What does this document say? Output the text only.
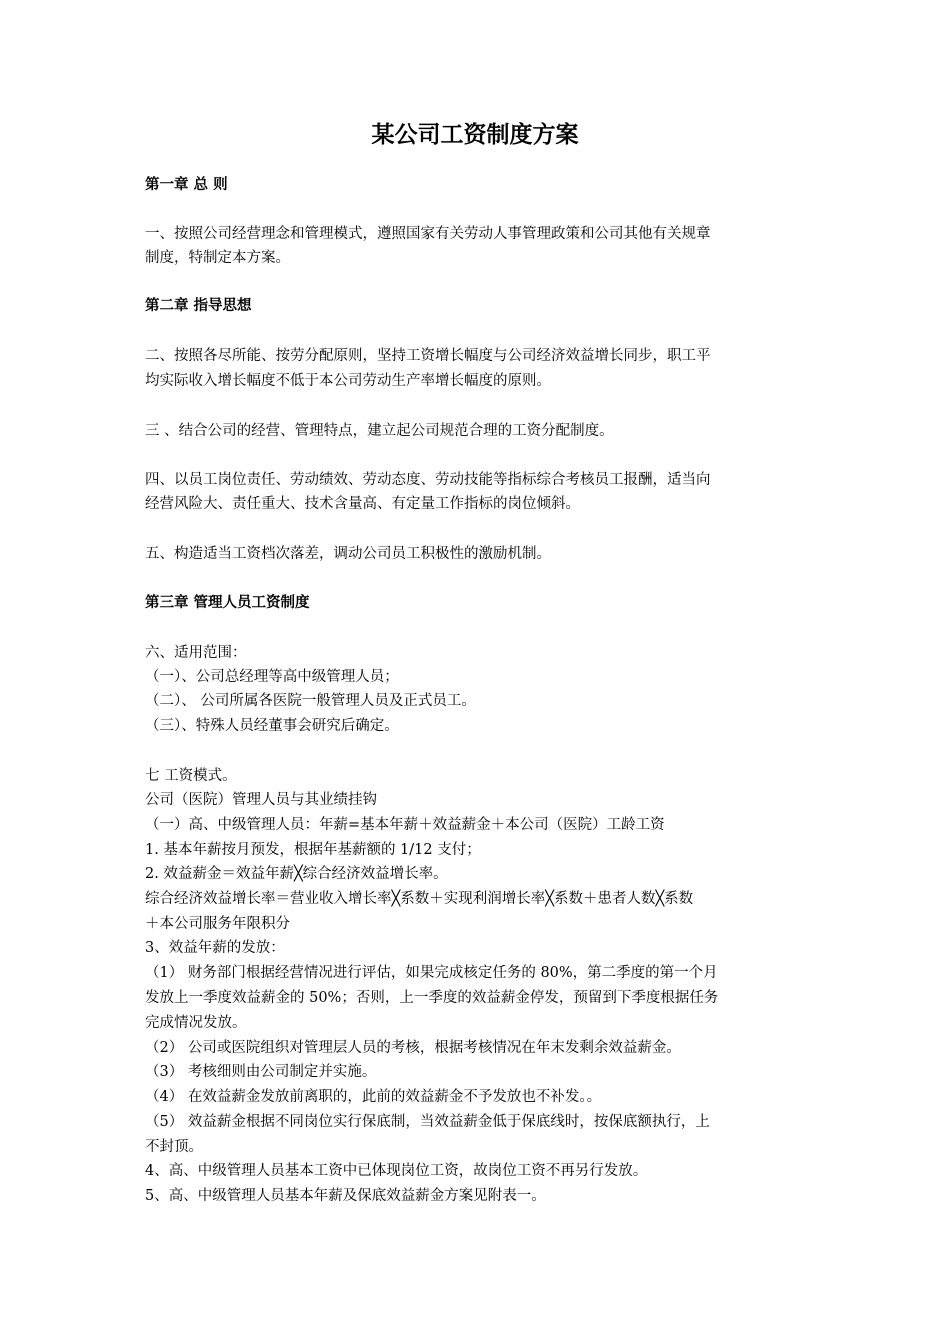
某公司工资制度方案
第一章 总 则
一、按照公司经营理念和管理模式，遵照国家有关劳动人事管理政策和公司其他有关规章
制度，特制定本方案。
第二章 指导思想
二、按照各尽所能、按劳分配原则，坚持工资增长幅度与公司经济效益增长同步，职工平
均实际收入增长幅度不低于本公司劳动生产率增长幅度的原则。
三 、结合公司的经营、管理特点，建立起公司规范合理的工资分配制度。
四、以员工岗位责任、劳动绩效、劳动态度、劳动技能等指标综合考核员工报酬，适当向
经营风险大、责任重大、技术含量高、有定量工作指标的岗位倾斜。
五、构造适当工资档次落差，调动公司员工积极性的激励机制。
第三章 管理人员工资制度
六、适用范围：
（一）、公司总经理等高中级管理人员；
（二）、 公司所属各医院一般管理人员及正式员工。
（三）、特殊人员经董事会研究后确定。
七 工资模式。
公司（医院）管理人员与其业绩挂钩
（一）高、中级管理人员：年薪=基本年薪＋效益薪金＋本公司（医院）工龄工资
1. 基本年薪按月预发，根据年基薪额的 1/12 支付；
2. 效益薪金＝效益年薪╳综合经济效益增长率。
综合经济效益增长率＝营业收入增长率╳系数＋实现利润增长率╳系数＋患者人数╳系数
＋本公司服务年限积分
3、效益年薪的发放：
（1） 财务部门根据经营情况进行评估，如果完成核定任务的 80%，第二季度的第一个月
发放上一季度效益薪金的 50%；否则，上一季度的效益薪金停发，预留到下季度根据任务
完成情况发放。
（2） 公司或医院组织对管理层人员的考核，根据考核情况在年末发剩余效益薪金。
（3） 考核细则由公司制定并实施。
（4） 在效益薪金发放前离职的，此前的效益薪金不予发放也不补发。。
（5） 效益薪金根据不同岗位实行保底制，当效益薪金低于保底线时，按保底额执行，上
不封顶。
4、高、中级管理人员基本工资中已体现岗位工资，故岗位工资不再另行发放。
5、高、中级管理人员基本年薪及保底效益薪金方案见附表一。
